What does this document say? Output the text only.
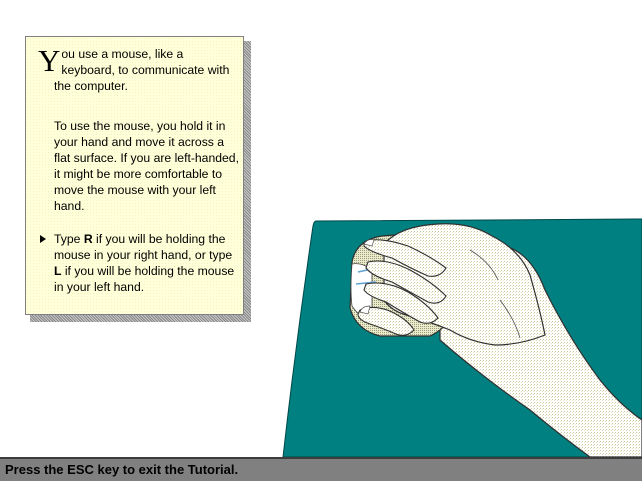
You use a mouse, like a keyboard, to communicate with the computer.
To use the mouse, you hold it in your hand and move it across a flat surface. If you are left-handed, it might be more comfortable to move the mouse with your left hand.
Type R if you will be holding the mouse in your right hand, or type L if you will be holding the mouse in your left hand.
Press the ESC key to exit the Tutorial.
